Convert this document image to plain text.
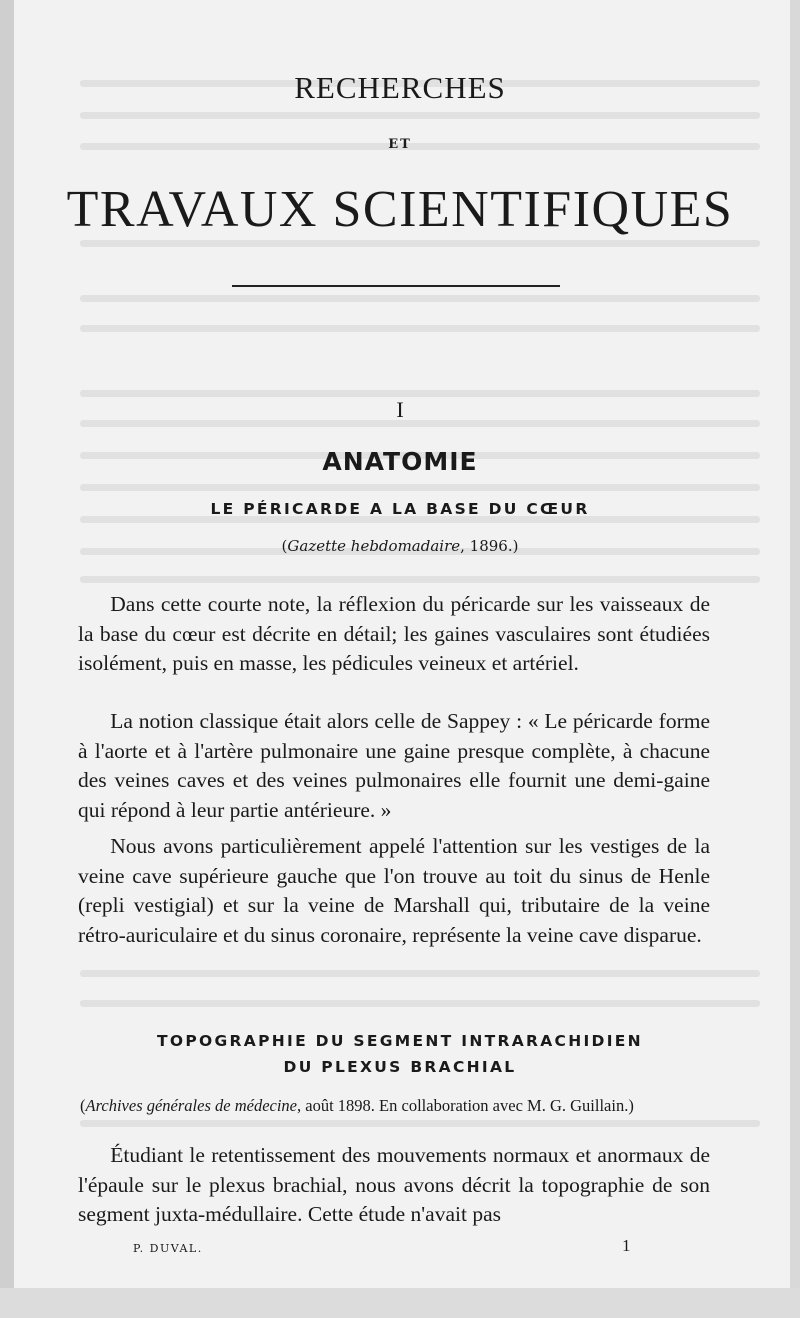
RECHERCHES
ET
TRAVAUX SCIENTIFIQUES
I
ANATOMIE
LE PÉRICARDE A LA BASE DU CŒUR
(Gazette hebdomadaire, 1896.)
  Dans cette courte note, la réflexion du péricarde sur les vaisseaux de la base du cœur est décrite en détail; les gaines vasculaires sont étudiées isolément, puis en masse, les pédicules veineux et artériel.
  La notion classique était alors celle de Sappey : « Le péricarde forme à l'aorte et à l'artère pulmonaire une gaine presque complète, à chacune des veines caves et des veines pulmonaires elle fournit une demi-gaine qui répond à leur partie antérieure. »
  Nous avons particulièrement appelé l'attention sur les vestiges de la veine cave supérieure gauche que l'on trouve au toit du sinus de Henle (repli vestigial) et sur la veine de Marshall qui, tributaire de la veine rétro-auriculaire et du sinus coronaire, représente la veine cave disparue.
TOPOGRAPHIE DU SEGMENT INTRARACHIDIEN
DU PLEXUS BRACHIAL
(Archives générales de médecine, août 1898. En collaboration avec M. G. Guillain.)
  Étudiant le retentissement des mouvements normaux et anormaux de l'épaule sur le plexus brachial, nous avons décrit la topographie de son segment juxta-médullaire. Cette étude n'avait pas
P. DUVAL.	1
